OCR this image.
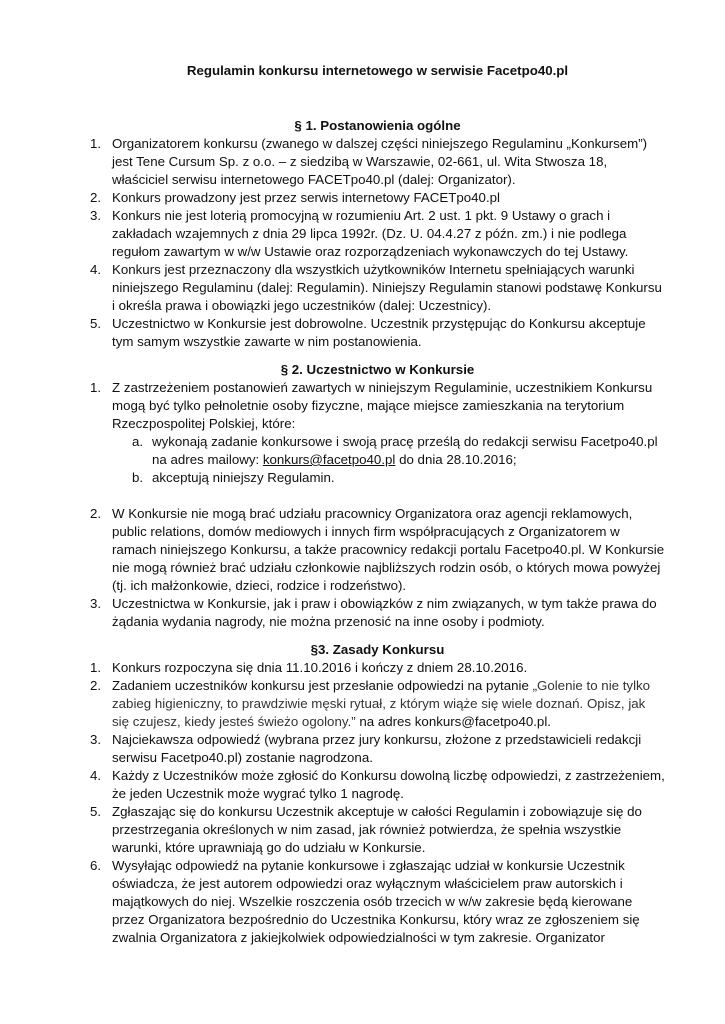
Regulamin konkursu internetowego w serwisie Facetpo40.pl
§ 1. Postanowienia ogólne
1. Organizatorem konkursu (zwanego w dalszej części niniejszego Regulaminu „Konkursem”) jest Tene Cursum Sp. z o.o. – z siedzibą w Warszawie, 02-661, ul. Wita Stwosza 18, właściciel serwisu internetowego FACETpo40.pl (dalej: Organizator).
2. Konkurs prowadzony jest przez serwis internetowy FACETpo40.pl
3. Konkurs nie jest loterią promocyjną w rozumieniu Art. 2 ust. 1 pkt. 9 Ustawy o grach i zakładach wzajemnych z dnia 29 lipca 1992r. (Dz. U. 04.4.27 z późn. zm.) i nie podlega regułom zawartym w w/w Ustawie oraz rozporządzeniach wykonawczych do tej Ustawy.
4. Konkurs jest przeznaczony dla wszystkich użytkowników Internetu spełniających warunki niniejszego Regulaminu (dalej: Regulamin). Niniejszy Regulamin stanowi podstawę Konkursu i określa prawa i obowiązki jego uczestników (dalej: Uczestnicy).
5. Uczestnictwo w Konkursie jest dobrowolne. Uczestnik przystępując do Konkursu akceptuje tym samym wszystkie zawarte w nim postanowienia.
§ 2. Uczestnictwo w Konkursie
1. Z zastrzeżeniem postanowień zawartych w niniejszym Regulaminie, uczestnikiem Konkursu mogą być tylko pełnoletnie osoby fizyczne, mające miejsce zamieszkania na terytorium Rzeczpospolitej Polskiej, które:
a. wykonają zadanie konkursowe i swoją pracę prześlą do redakcji serwisu Facetpo40.pl na adres mailowy: konkurs@facetpo40.pl do dnia 28.10.2016;
b. akceptują niniejszy Regulamin.
2. W Konkursie nie mogą brać udziału pracownicy Organizatora oraz agencji reklamowych, public relations, domów mediowych i innych firm współpracujących z Organizatorem w ramach niniejszego Konkursu, a także pracownicy redakcji portalu Facetpo40.pl. W Konkursie nie mogą również brać udziału członkowie najbliższych rodzin osób, o których mowa powyżej (tj. ich małżonkowie, dzieci, rodzice i rodzeństwo).
3. Uczestnictwa w Konkursie, jak i praw i obowiązków z nim związanych, w tym także prawa do żądania wydania nagrody, nie można przenosić na inne osoby i podmioty.
§3. Zasady Konkursu
1. Konkurs rozpoczyna się dnia 11.10.2016 i kończy z dniem 28.10.2016.
2. Zadaniem uczestników konkursu jest przesłanie odpowiedzi na pytanie „Golenie to nie tylko zabieg higieniczny, to prawdziwie męski rytuał, z którym wiąże się wiele doznań. Opisz, jak się czujesz, kiedy jesteś świeżo ogolony.” na adres konkurs@facetpo40.pl.
3. Najciekawsza odpowiedź (wybrana przez jury konkursu, złożone z przedstawicieli redakcji serwisu Facetpo40.pl) zostanie nagrodzona.
4. Każdy z Uczestników może zgłosić do Konkursu dowolną liczbę odpowiedzi, z zastrzeżeniem, że jeden Uczestnik może wygrać tylko 1 nagrodę.
5. Zgłaszając się do konkursu Uczestnik akceptuje w całości Regulamin i zobowiązuje się do przestrzegania określonych w nim zasad, jak również potwierdza, że spełnia wszystkie warunki, które uprawniają go do udziału w Konkursie.
6. Wysyłając odpowiedź na pytanie konkursowe i zgłaszając udział w konkursie Uczestnik oświadcza, że jest autorem odpowiedzi oraz wyłącznym właścicielem praw autorskich i majątkowych do niej. Wszelkie roszczenia osób trzecich w w/w zakresie będą kierowane przez Organizatora bezpośrednio do Uczestnika Konkursu, który wraz ze zgłoszeniem się zwalnia Organizatora z jakiejkolwiek odpowiedzialności w tym zakresie. Organizator
